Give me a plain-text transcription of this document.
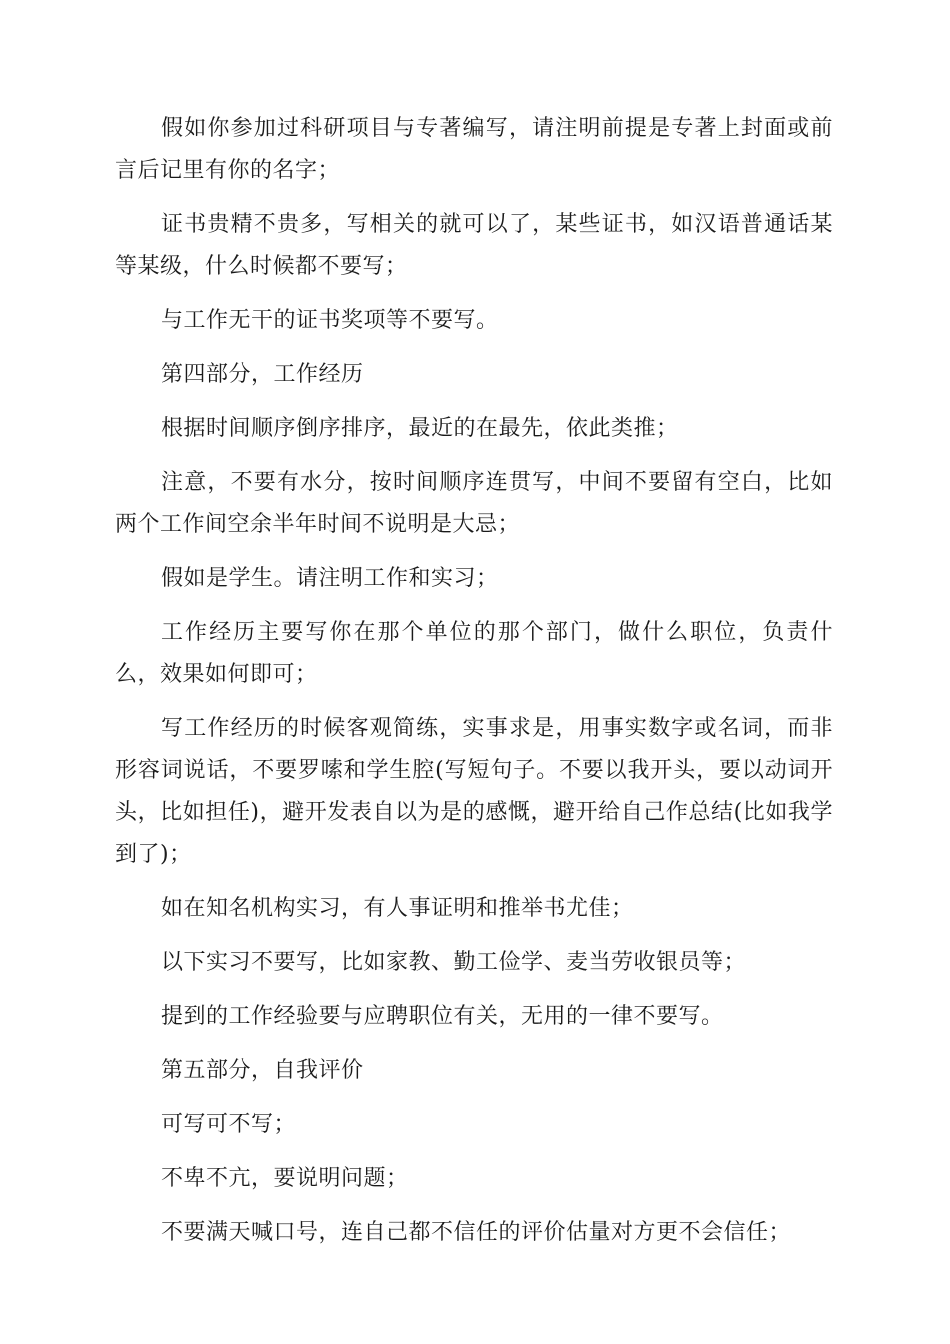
假如你参加过科研项目与专著编写，请注明前提是专著上封面或前言后记里有你的名字；

证书贵精不贵多，写相关的就可以了，某些证书，如汉语普通话某等某级，什么时候都不要写；

与工作无干的证书奖项等不要写。

第四部分，工作经历

根据时间顺序倒序排序，最近的在最先，依此类推；

注意，不要有水分，按时间顺序连贯写，中间不要留有空白，比如两个工作间空余半年时间不说明是大忌；

假如是学生。请注明工作和实习；

工作经历主要写你在那个单位的那个部门，做什么职位，负责什么，效果如何即可；

写工作经历的时候客观简练，实事求是，用事实数字或名词，而非形容词说话，不要罗嗦和学生腔(写短句子。不要以我开头，要以动词开头，比如担任)，避开发表自以为是的感慨，避开给自己作总结(比如我学到了)；

如在知名机构实习，有人事证明和推举书尤佳；

以下实习不要写，比如家教、勤工俭学、麦当劳收银员等；

提到的工作经验要与应聘职位有关，无用的一律不要写。

第五部分，自我评价

可写可不写；

不卑不亢，要说明问题；

不要满天喊口号，连自己都不信任的评价估量对方更不会信任；
